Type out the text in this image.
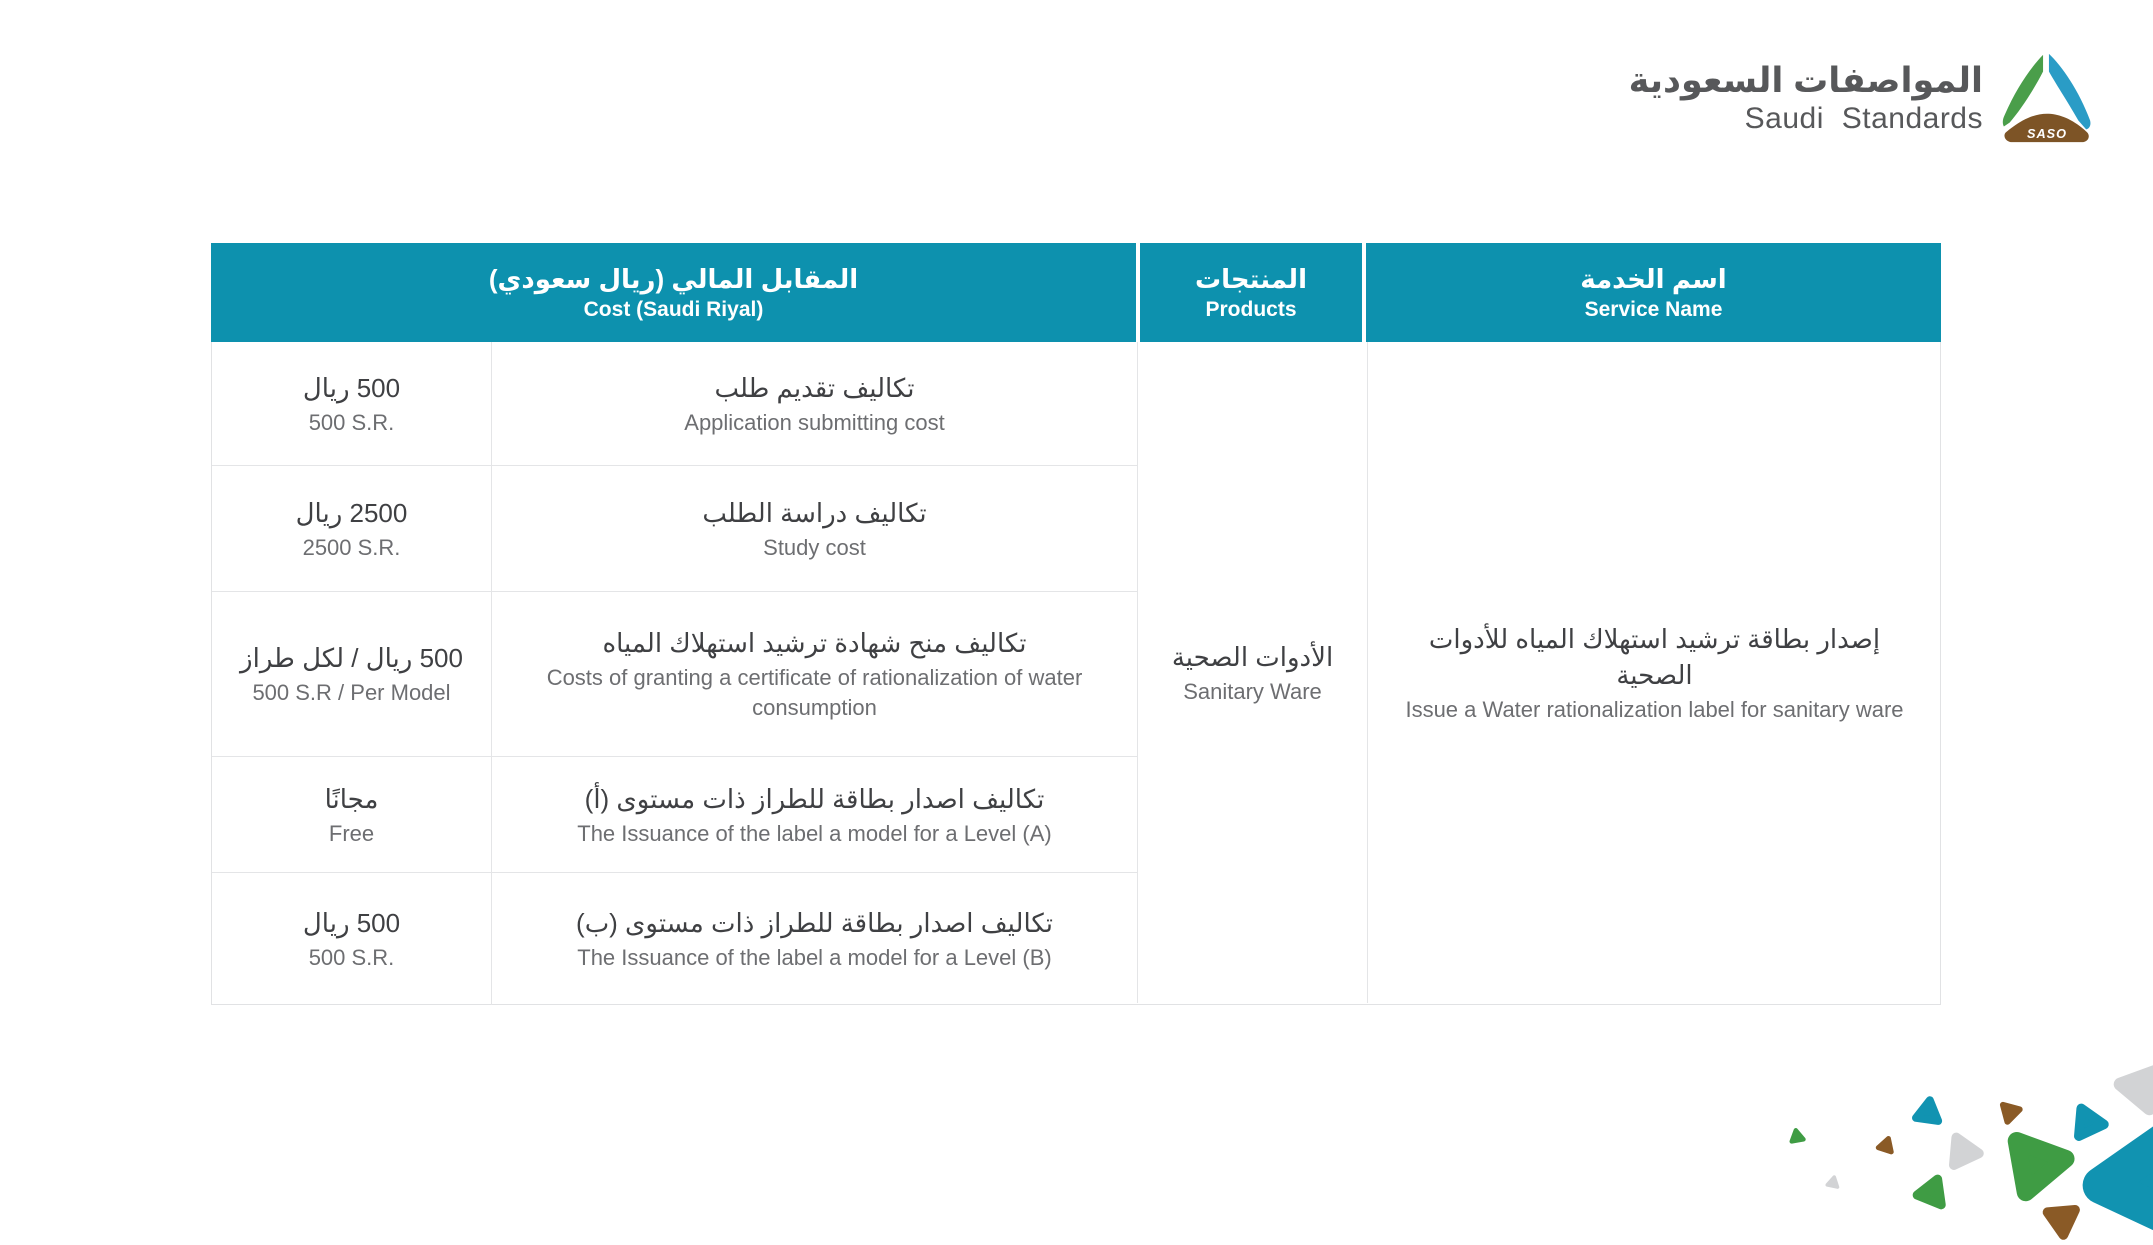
المواصفات السعودية
Saudi Standards	SASO
المقابل المالي (ريال سعودي)
Cost (Saudi Riyal)
المنتجات
Products
اسم الخدمة
Service Name
500 ريال
500 S.R.
تكاليف تقديم طلب
Application submitting cost
2500 ريال
2500 S.R.
تكاليف دراسة الطلب
Study cost
500 ريال / لكل طراز
500 S.R / Per Model
تكاليف منح شهادة ترشيد استهلاك المياه
Costs of granting a certificate of rationalization of water consumption
مجانًا
Free
تكاليف اصدار بطاقة للطراز ذات مستوى (أ)
The Issuance of the label a model for a Level (A)
500 ريال
500 S.R.
تكاليف اصدار بطاقة للطراز ذات مستوى (ب)
The Issuance of the label a model for a Level (B)
الأدوات الصحية
Sanitary Ware
إصدار بطاقة ترشيد استهلاك المياه للأدوات الصحية
Issue a Water rationalization label for sanitary ware
